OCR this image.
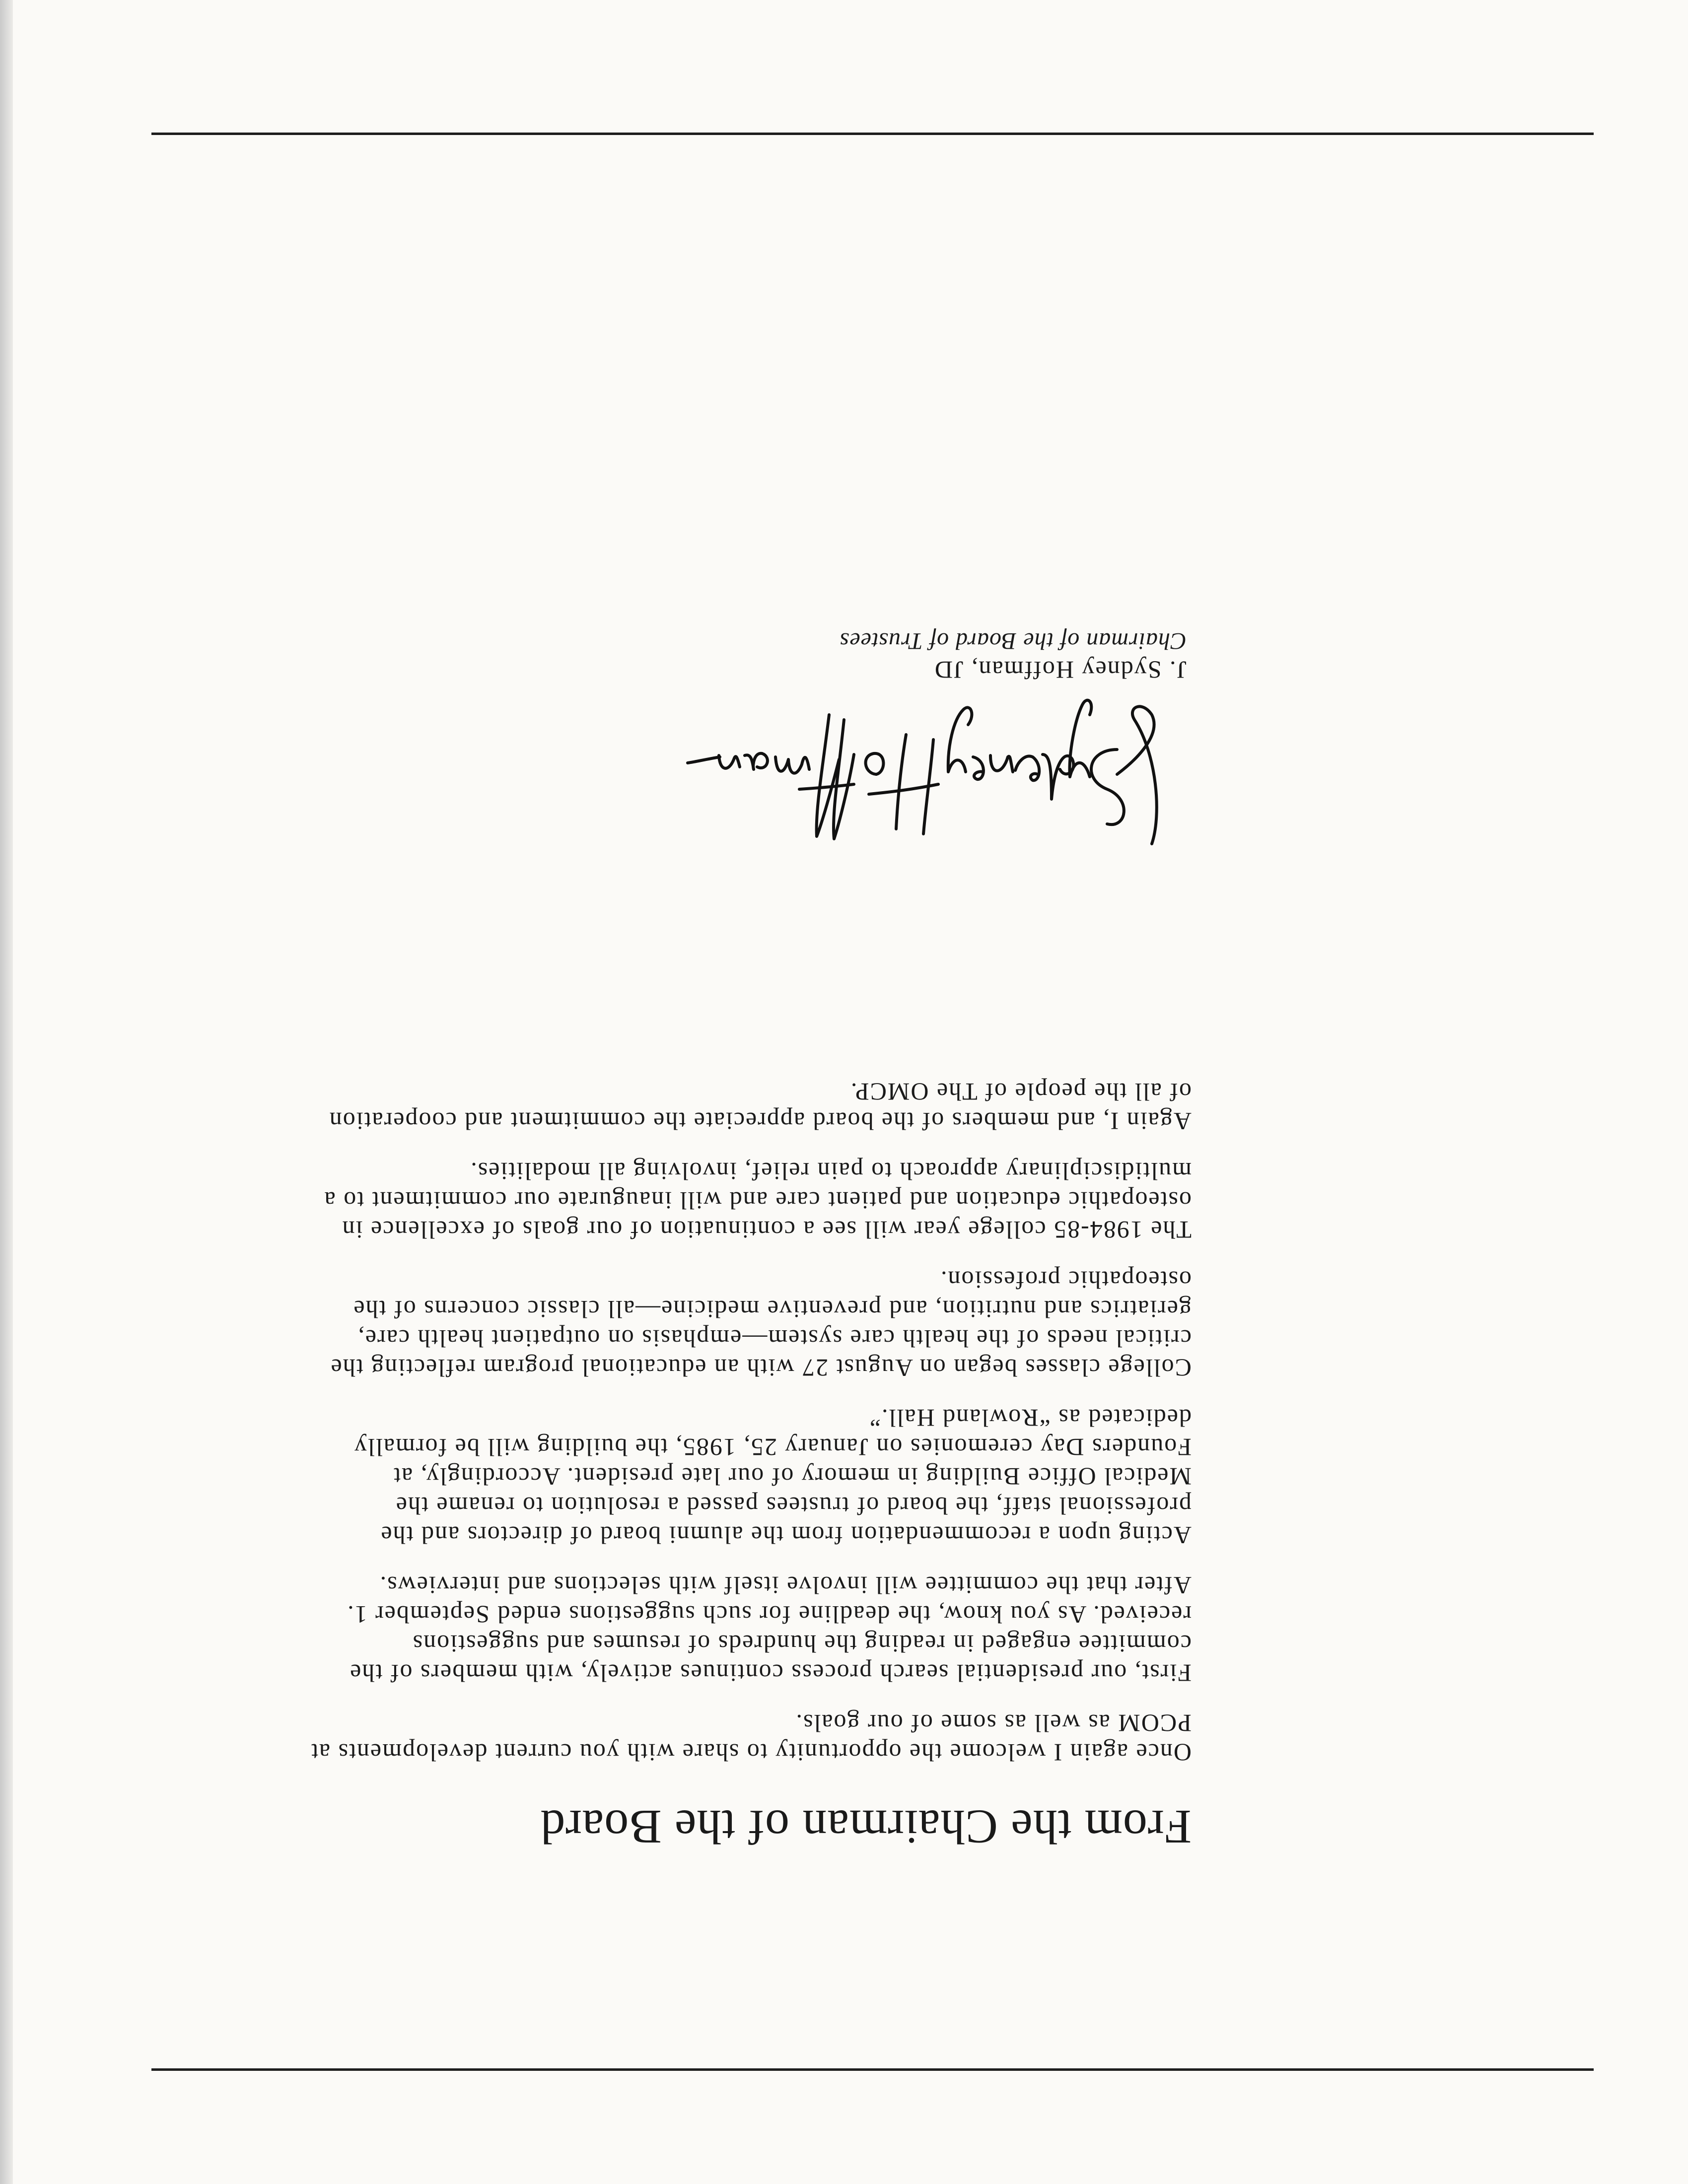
From the Chairman of the Board

Once again I welcome the opportunity to share with you current developments at PCOM as well as some of our goals.

First, our presidential search process continues actively, with members of the committee engaged in reading the hundreds of resumes and suggestions received. As you know, the deadline for such suggestions ended September 1. After that the committee will involve itself with selections and interviews.

Acting upon a recommendation from the alumni board of directors and the professional staff, the board of trustees passed a resolution to rename the Medical Office Building in memory of our late president. Accordingly, at Founders Day ceremonies on January 25, 1985, the building will be formally dedicated as “Rowland Hall.”

College classes began on August 27 with an educational program reflecting the critical needs of the health care system—emphasis on outpatient health care, geriatrics and nutrition, and preventive medicine—all classic concerns of the osteopathic profession.

The 1984-85 college year will see a continuation of our goals of excellence in osteopathic education and patient care and will inaugurate our commitment to a multidisciplinary approach to pain relief, involving all modalities.

Again I, and members of the board appreciate the commitment and cooperation of all the people of The OMCP.

J. Sydney Hoffman, JD
Chairman of the Board of Trustees
